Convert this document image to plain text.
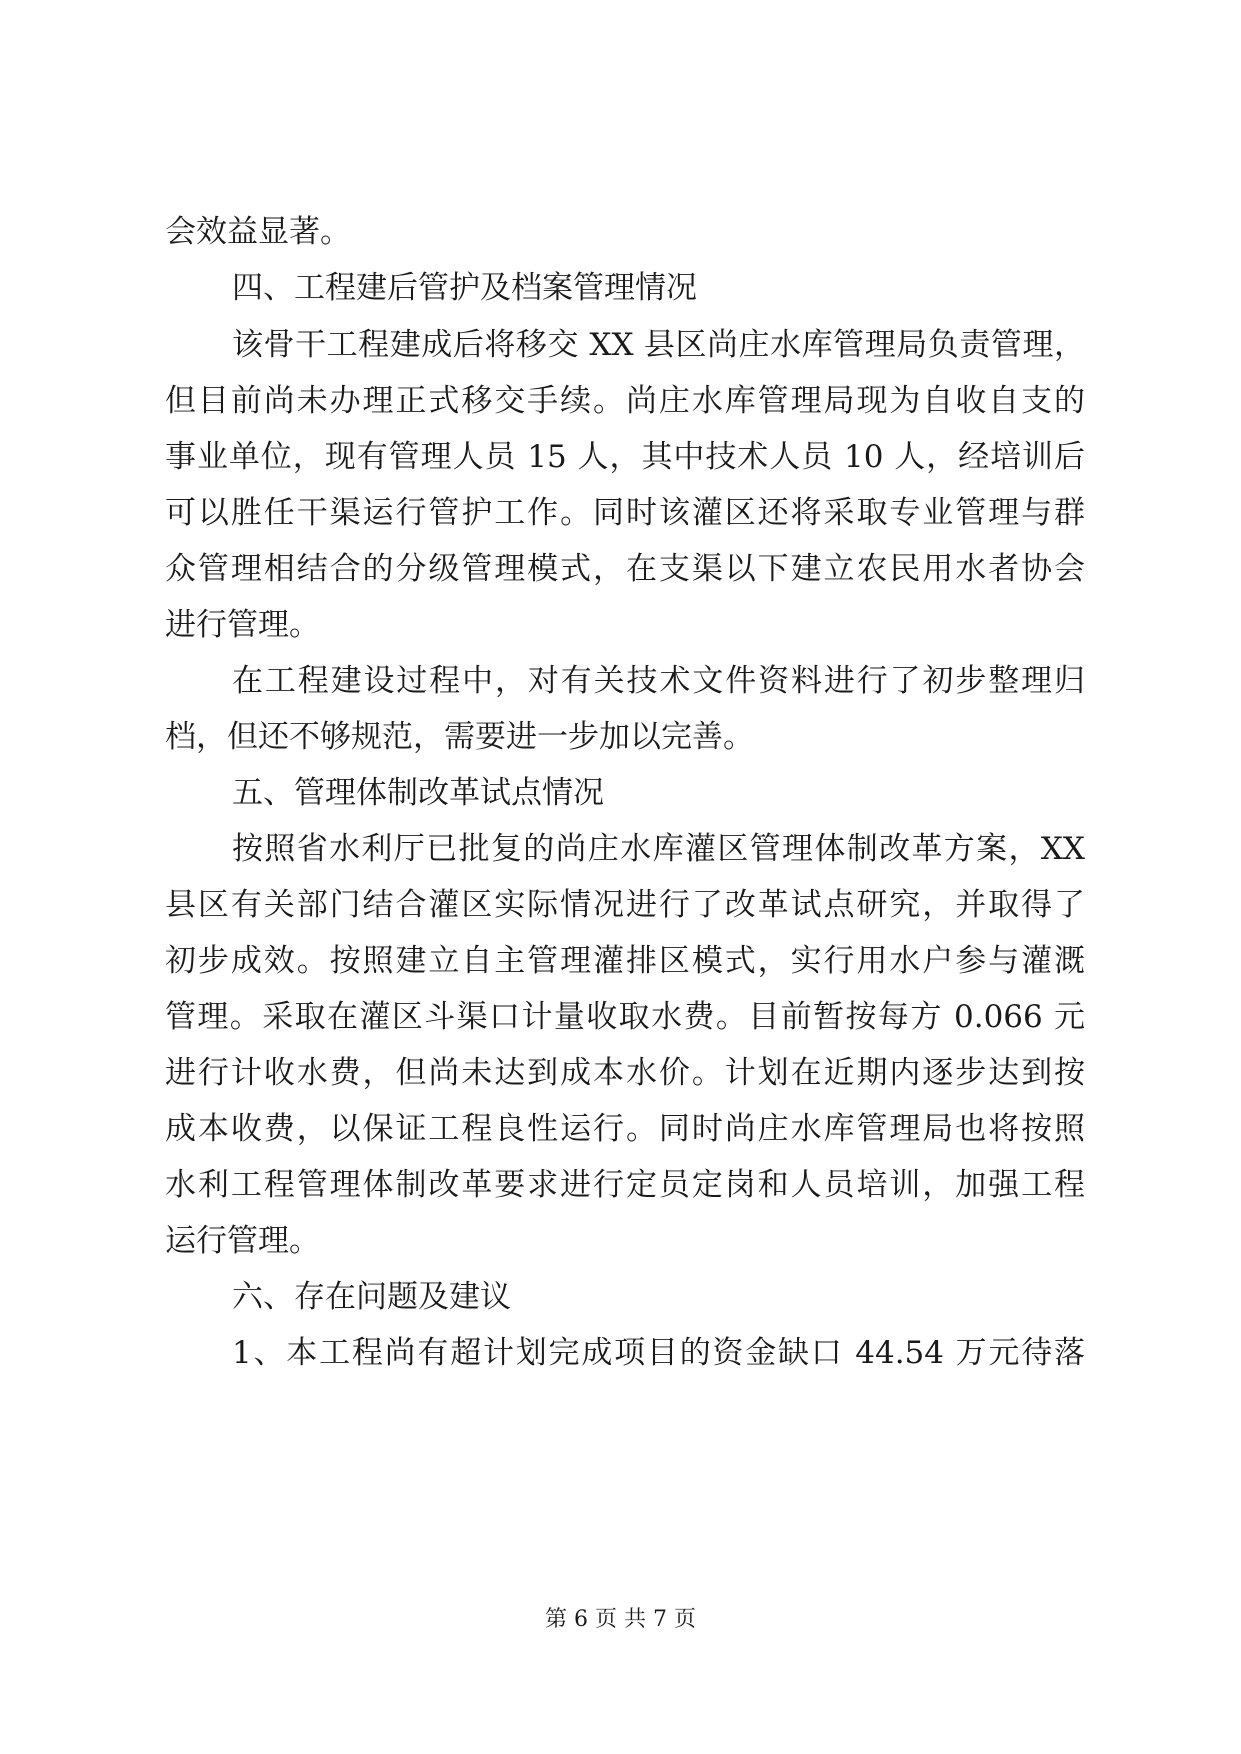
会效益显著。
四、工程建后管护及档案管理情况
该骨干工程建成后将移交 XX 县区尚庄水库管理局负责管理，
但目前尚未办理正式移交手续。尚庄水库管理局现为自收自支的
事业单位，现有管理人员 15 人，其中技术人员 10 人，经培训后
可以胜任干渠运行管护工作。同时该灌区还将采取专业管理与群
众管理相结合的分级管理模式，在支渠以下建立农民用水者协会
进行管理。
在工程建设过程中，对有关技术文件资料进行了初步整理归
档，但还不够规范，需要进一步加以完善。
五、管理体制改革试点情况
按照省水利厅已批复的尚庄水库灌区管理体制改革方案，XX
县区有关部门结合灌区实际情况进行了改革试点研究，并取得了
初步成效。按照建立自主管理灌排区模式，实行用水户参与灌溉
管理。采取在灌区斗渠口计量收取水费。目前暂按每方 0.066 元
进行计收水费，但尚未达到成本水价。计划在近期内逐步达到按
成本收费，以保证工程良性运行。同时尚庄水库管理局也将按照
水利工程管理体制改革要求进行定员定岗和人员培训，加强工程
运行管理。
六、存在问题及建议
1、本工程尚有超计划完成项目的资金缺口 44.54 万元待落
第 6 页 共 7 页
